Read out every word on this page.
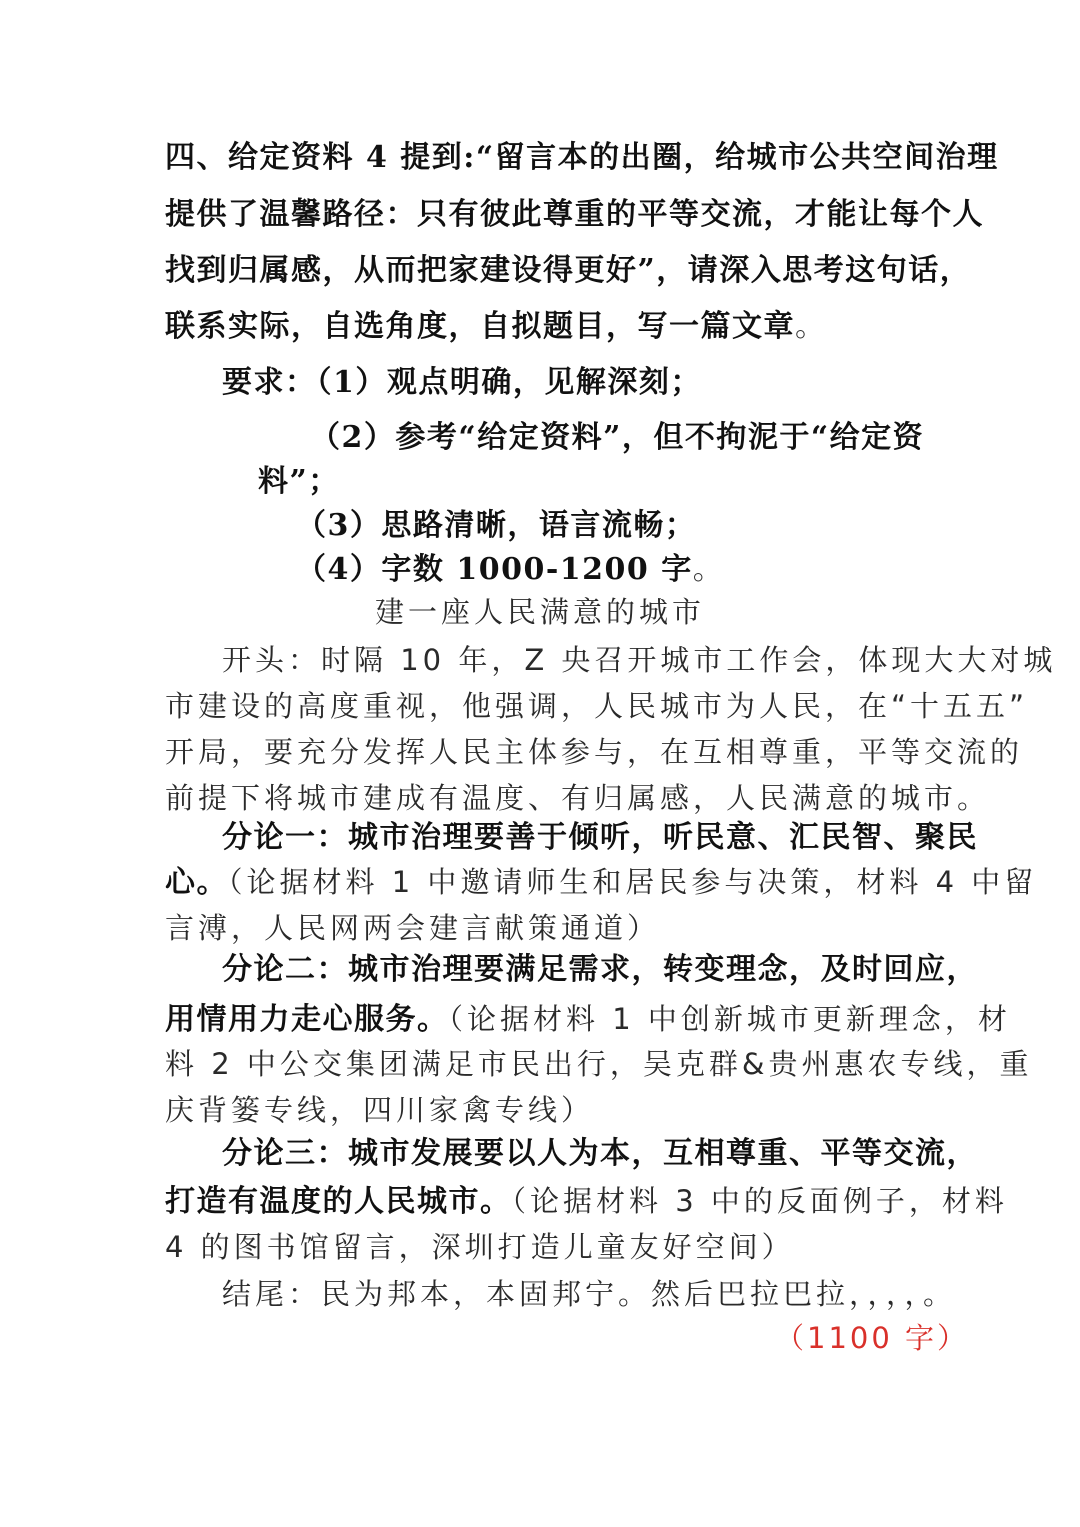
四、给定资料 4 提到:“留言本的出圈，给城市公共空间治理
提供了温馨路径：只有彼此尊重的平等交流，才能让每个人
找到归属感，从而把家建设得更好”，请深入思考这句话，
联系实际，自选角度，自拟题目，写一篇文章。
要求：（1）观点明确，见解深刻；
（2）参考“给定资料”，但不拘泥于“给定资
料”；
（3）思路清晰，语言流畅；
（4）字数 1000-1200 字。
建一座人民满意的城市
开头：时隔 10 年，Z 央召开城市工作会，体现大大对城
市建设的高度重视，他强调，人民城市为人民，在“十五五”
开局，要充分发挥人民主体参与，在互相尊重，平等交流的
前提下将城市建成有温度、有归属感，人民满意的城市。
分论一：城市治理要善于倾听，听民意、汇民智、聚民
心。（论据材料 1 中邀请师生和居民参与决策，材料 4 中留
言溥，人民网两会建言献策通道）
分论二：城市治理要满足需求，转变理念，及时回应，
用情用力走心服务。（论据材料 1 中创新城市更新理念，材
料 2 中公交集团满足市民出行，吴克群&贵州惠农专线，重
庆背篓专线，四川家禽专线）
分论三：城市发展要以人为本，互相尊重、平等交流，
打造有温度的人民城市。（论据材料 3 中的反面例子，材料
4 的图书馆留言，深圳打造儿童友好空间）
结尾：民为邦本，本固邦宁。然后巴拉巴拉，，，，。
（1100 字）
